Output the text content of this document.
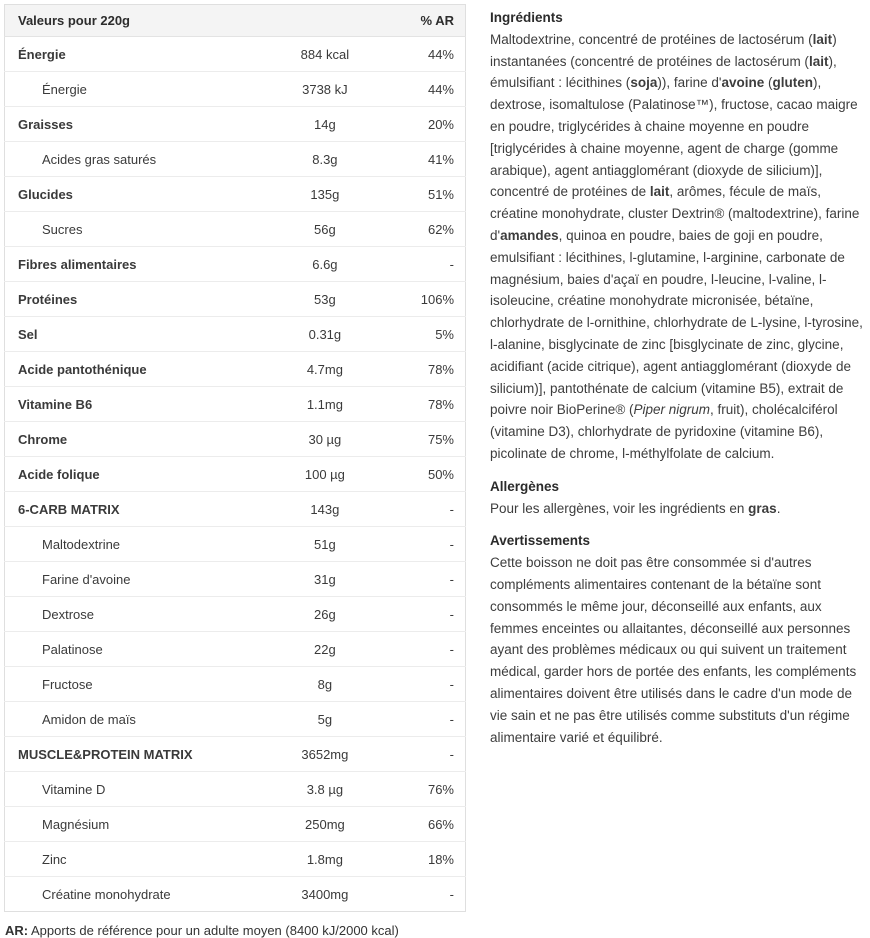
Valeurs pour 220g		% AR
Énergie	884 kcal	44%
Énergie	3738 kJ	44%
Graisses	14g	20%
Acides gras saturés	8.3g	41%
Glucides	135g	51%
Sucres	56g	62%
Fibres alimentaires	6.6g	-
Protéines	53g	106%
Sel	0.31g	5%
Acide pantothénique	4.7mg	78%
Vitamine B6	1.1mg	78%
Chrome	30 µg	75%
Acide folique	100 µg	50%
6-CARB MATRIX	143g	-
Maltodextrine	51g	-
Farine d'avoine	31g	-
Dextrose	26g	-
Palatinose	22g	-
Fructose	8g	-
Amidon de maïs	5g	-
MUSCLE&PROTEIN MATRIX	3652mg	-
Vitamine D	3.8 µg	76%
Magnésium	250mg	66%
Zinc	1.8mg	18%
Créatine monohydrate	3400mg	-

AR: Apports de référence pour un adulte moyen (8400 kJ/2000 kcal)

Ingrédients

Maltodextrine, concentré de protéines de lactosérum (lait) instantanées (concentré de protéines de lactosérum (lait), émulsifiant : lécithines (soja)), farine d'avoine (gluten), dextrose, isomaltulose (Palatinose™), fructose, cacao maigre en poudre, triglycérides à chaine moyenne en poudre [triglycérides à chaine moyenne, agent de charge (gomme arabique), agent antiagglomérant (dioxyde de silicium)], concentré de protéines de lait, arômes, fécule de maïs, créatine monohydrate, cluster Dextrin® (maltodextrine), farine d'amandes, quinoa en poudre, baies de goji en poudre, emulsifiant : lécithines, l-glutamine, l-arginine, carbonate de magnésium, baies d'açaï en poudre, l-leucine, l-valine, l-isoleucine, créatine monohydrate micronisée, bétaïne, chlorhydrate de l-ornithine, chlorhydrate de L-lysine, l-tyrosine, l-alanine, bisglycinate de zinc [bisglycinate de zinc, glycine, acidifiant (acide citrique), agent antiagglomérant (dioxyde de silicium)], pantothénate de calcium (vitamine B5), extrait de poivre noir BioPerine® (Piper nigrum, fruit), cholécalciférol (vitamine D3), chlorhydrate de pyridoxine (vitamine B6), picolinate de chrome, l-méthylfolate de calcium.

Allergènes

Pour les allergènes, voir les ingrédients en gras.

Avertissements

Cette boisson ne doit pas être consommée si d'autres compléments alimentaires contenant de la bétaïne sont consommés le même jour, déconseillé aux enfants, aux femmes enceintes ou allaitantes, déconseillé aux personnes ayant des problèmes médicaux ou qui suivent un traitement médical, garder hors de portée des enfants, les compléments alimentaires doivent être utilisés dans le cadre d'un mode de vie sain et ne pas être utilisés comme substituts d'un régime alimentaire varié et équilibré.
